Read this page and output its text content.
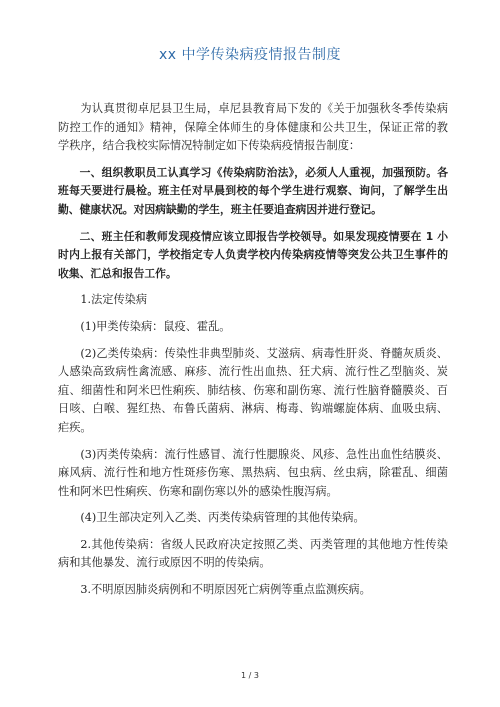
xx 中学传染病疫情报告制度

为认真贯彻卓尼县卫生局，卓尼县教育局下发的《关于加强秋冬季传染病防控工作的通知》精神，保障全体师生的身体健康和公共卫生，保证正常的教学秩序，结合我校实际情况特制定如下传染病疫情报告制度：

一、组织教职员工认真学习《传染病防治法》，必须人人重视，加强预防。各班每天要进行晨检。班主任对早晨到校的每个学生进行观察、询问，了解学生出勤、健康状况。对因病缺勤的学生，班主任要追查病因并进行登记。

二、班主任和教师发现疫情应该立即报告学校领导。如果发现疫情要在 1 小时内上报有关部门，学校指定专人负责学校内传染病疫情等突发公共卫生事件的　收集、汇总和报告工作。

1.法定传染病

(1)甲类传染病：鼠疫、霍乱。

(2)乙类传染病：传染性非典型肺炎、艾滋病、病毒性肝炎、脊髓灰质炎、人感染高致病性禽流感、麻疹、流行性出血热、狂犬病、流行性乙型脑炎、炭疽、细菌性和阿米巴性痢疾、肺结核、伤寒和副伤寒、流行性脑脊髓膜炎、百日咳、白喉、猩红热、布鲁氏菌病、淋病、梅毒、钩端螺旋体病、血吸虫病、疟疾。

(3)丙类传染病：流行性感冒、流行性腮腺炎、风疹、急性出血性结膜炎、麻风病、流行性和地方性斑疹伤寒、黑热病、包虫病、丝虫病，除霍乱、细菌性和阿米巴性痢疾、伤寒和副伤寒以外的感染性腹泻病。

(4)卫生部决定列入乙类、丙类传染病管理的其他传染病。

2.其他传染病：省级人民政府决定按照乙类、丙类管理的其他地方性传染病和其他暴发、流行或原因不明的传染病。

3.不明原因肺炎病例和不明原因死亡病例等重点监测疾病。

1 / 3
